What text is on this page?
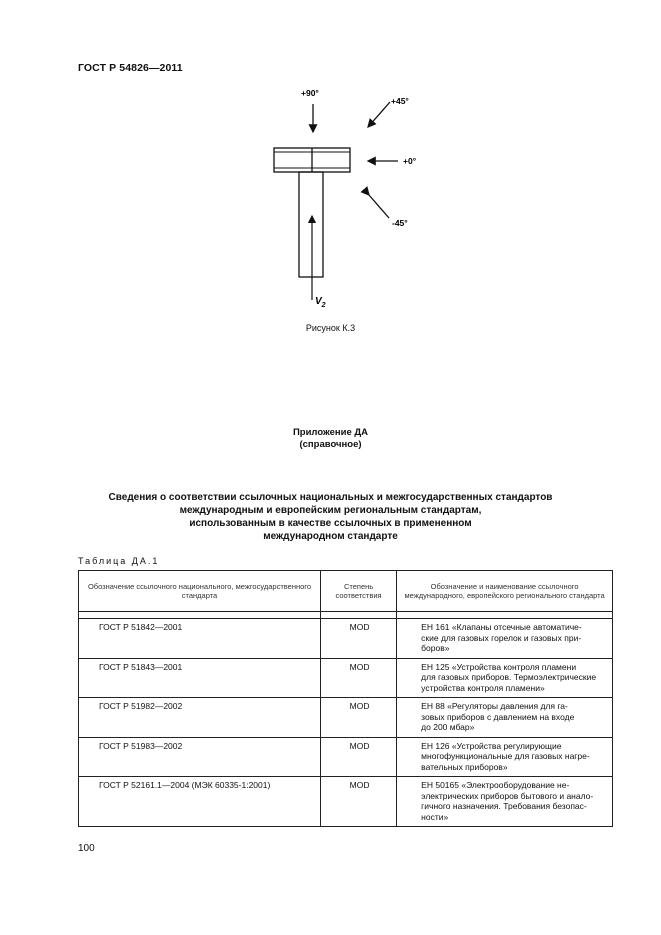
ГОСТ Р 54826—2011
+90°
+45°
+0°
-45°
$V_2$
Рисунок К.3
Приложение ДА
(справочное)
Сведения о соответствии ссылочных национальных и межгосударственных стандартов
международным и европейским региональным стандартам,
использованным в качестве ссылочных в примененном
международном стандарте
Таблица ДА.1
Обозначение ссылочного национального, межгосударственного стандарта	Степень соответствия	Обозначение и наименование ссылочного международного, европейского регионального стандарта

ГОСТ Р 51842—2001	MOD	ЕН 161 «Клапаны отсечные автоматиче-
ские для газовых горелок и газовых при-
боров»

ГОСТ Р 51843—2001	MOD	ЕН 125 «Устройства контроля пламени
для газовых приборов. Термоэлектрические
устройства контроля пламени»

ГОСТ Р 51982—2002	MOD	ЕН 88 «Регуляторы давления для га-
зовых приборов с давлением на входе
до 200 мбар»

ГОСТ Р 51983—2002	MOD	ЕН 126 «Устройства регулирующие
многофункциональные для газовых нагре-
вательных приборов»

ГОСТ Р 52161.1—2004 (МЭК 60335-1:2001)	MOD	ЕН 50165 «Электрооборудование не-
электрических приборов бытового и анало-
гичного назначения. Требования безопас-
ности»
100
